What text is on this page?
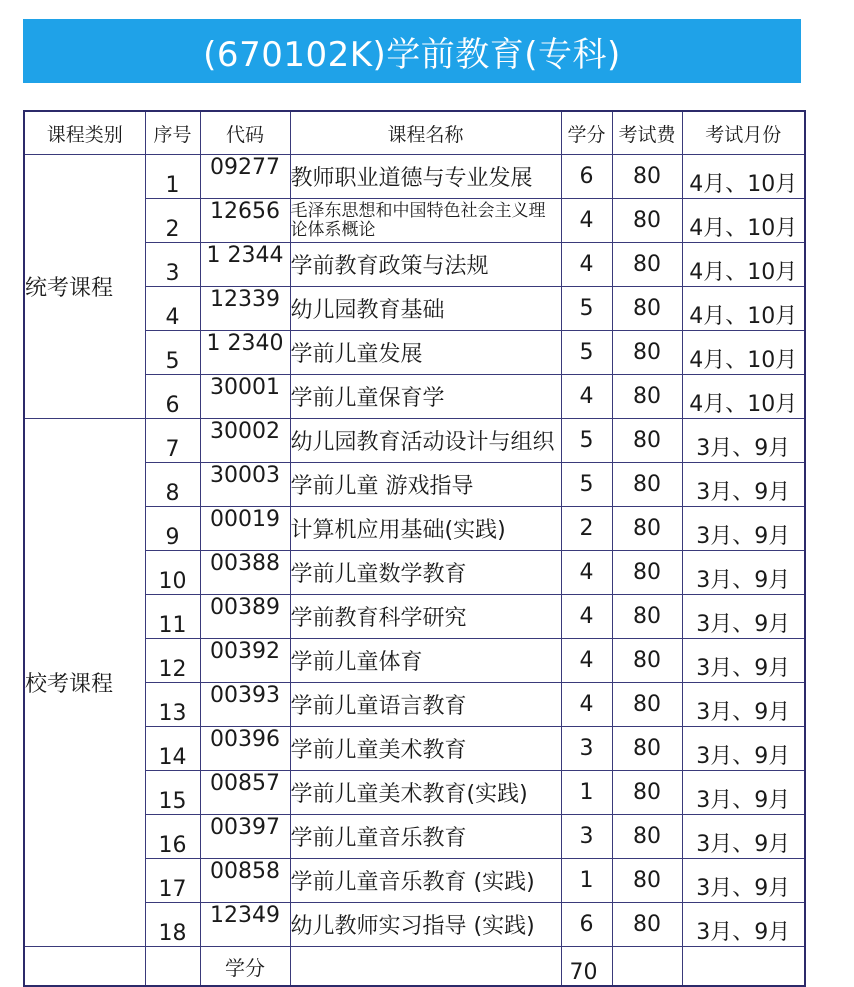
(670102K)学前教育(专科)
课程类别	序号	代码	课程名称	学分	考试费	考试月份
统考课程	1	09277	教师职业道德与专业发展	6	80	4月、10月
	2	12656	毛泽东思想和中国特色社会主义理论体系概论	4	80	4月、10月
	3	1 2344	学前教育政策与法规	4	80	4月、10月
	4	12339	幼儿园教育基础	5	80	4月、10月
	5	1 2340	学前儿童发展	5	80	4月、10月
	6	30001	学前儿童保育学	4	80	4月、10月
校考课程	7	30002	幼儿园教育活动设计与组织	5	80	3月、9月
	8	30003	学前儿童 游戏指导	5	80	3月、9月
	9	00019	计算机应用基础(实践)	2	80	3月、9月
	10	00388	学前儿童数学教育	4	80	3月、9月
	11	00389	学前教育科学研究	4	80	3月、9月
	12	00392	学前儿童体育	4	80	3月、9月
	13	00393	学前儿童语言教育	4	80	3月、9月
	14	00396	学前儿童美术教育	3	80	3月、9月
	15	00857	学前儿童美术教育(实践)	1	80	3月、9月
	16	00397	学前儿童音乐教育	3	80	3月、9月
	17	00858	学前儿童音乐教育 (实践)	1	80	3月、9月
	18	12349	幼儿教师实习指导 (实践)	6	80	3月、9月
		学分		70		
